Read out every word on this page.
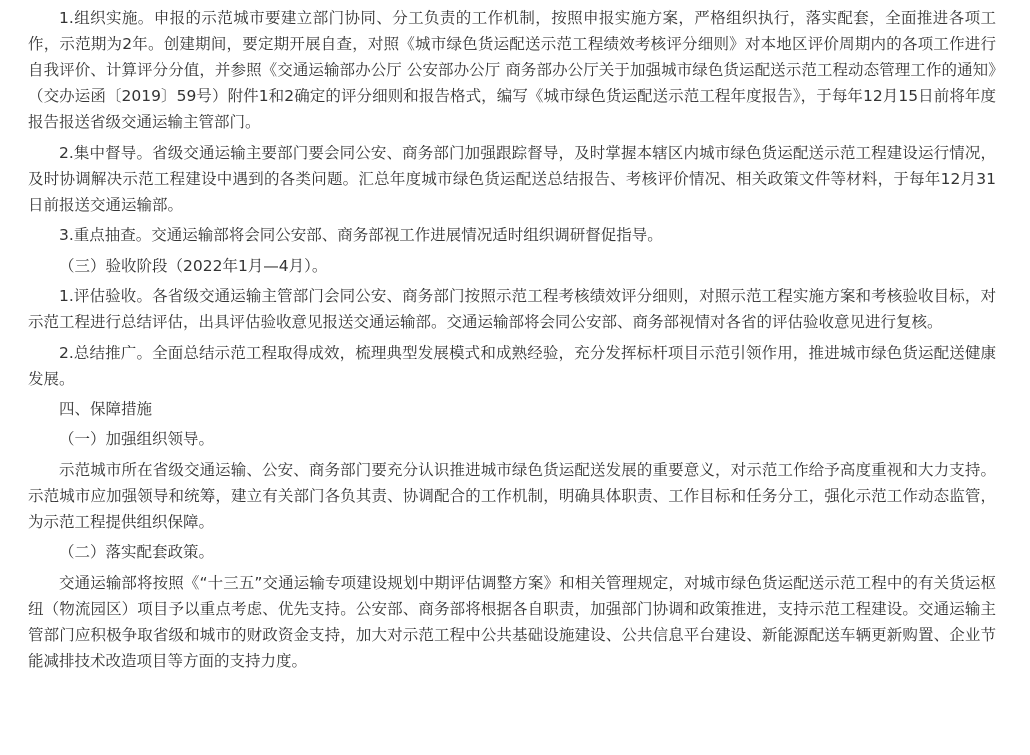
1.组织实施。申报的示范城市要建立部门协同、分工负责的工作机制，按照申报实施方案，严格组织执行，落实配套，全面推进各项工作，示范期为2年。创建期间，要定期开展自查，对照《城市绿色货运配送示范工程绩效考核评分细则》对本地区评价周期内的各项工作进行自我评价、计算评分分值，并参照《交通运输部办公厅 公安部办公厅 商务部办公厅关于加强城市绿色货运配送示范工程动态管理工作的通知》（交办运函〔2019〕59号）附件1和2确定的评分细则和报告格式，编写《城市绿色货运配送示范工程年度报告》，于每年12月15日前将年度报告报送省级交通运输主管部门。

2.集中督导。省级交通运输主要部门要会同公安、商务部门加强跟踪督导，及时掌握本辖区内城市绿色货运配送示范工程建设运行情况，及时协调解决示范工程建设中遇到的各类问题。汇总年度城市绿色货运配送总结报告、考核评价情况、相关政策文件等材料，于每年12月31日前报送交通运输部。

3.重点抽查。交通运输部将会同公安部、商务部视工作进展情况适时组织调研督促指导。

（三）验收阶段（2022年1月—4月）。

1.评估验收。各省级交通运输主管部门会同公安、商务部门按照示范工程考核绩效评分细则，对照示范工程实施方案和考核验收目标，对示范工程进行总结评估，出具评估验收意见报送交通运输部。交通运输部将会同公安部、商务部视情对各省的评估验收意见进行复核。

2.总结推广。全面总结示范工程取得成效，梳理典型发展模式和成熟经验，充分发挥标杆项目示范引领作用，推进城市绿色货运配送健康发展。

四、保障措施

（一）加强组织领导。

示范城市所在省级交通运输、公安、商务部门要充分认识推进城市绿色货运配送发展的重要意义，对示范工作给予高度重视和大力支持。示范城市应加强领导和统筹，建立有关部门各负其责、协调配合的工作机制，明确具体职责、工作目标和任务分工，强化示范工作动态监管，为示范工程提供组织保障。

（二）落实配套政策。

交通运输部将按照《“十三五”交通运输专项建设规划中期评估调整方案》和相关管理规定，对城市绿色货运配送示范工程中的有关货运枢纽（物流园区）项目予以重点考虑、优先支持。公安部、商务部将根据各自职责，加强部门协调和政策推进，支持示范工程建设。交通运输主管部门应积极争取省级和城市的财政资金支持，加大对示范工程中公共基础设施建设、公共信息平台建设、新能源配送车辆更新购置、企业节能减排技术改造项目等方面的支持力度。
